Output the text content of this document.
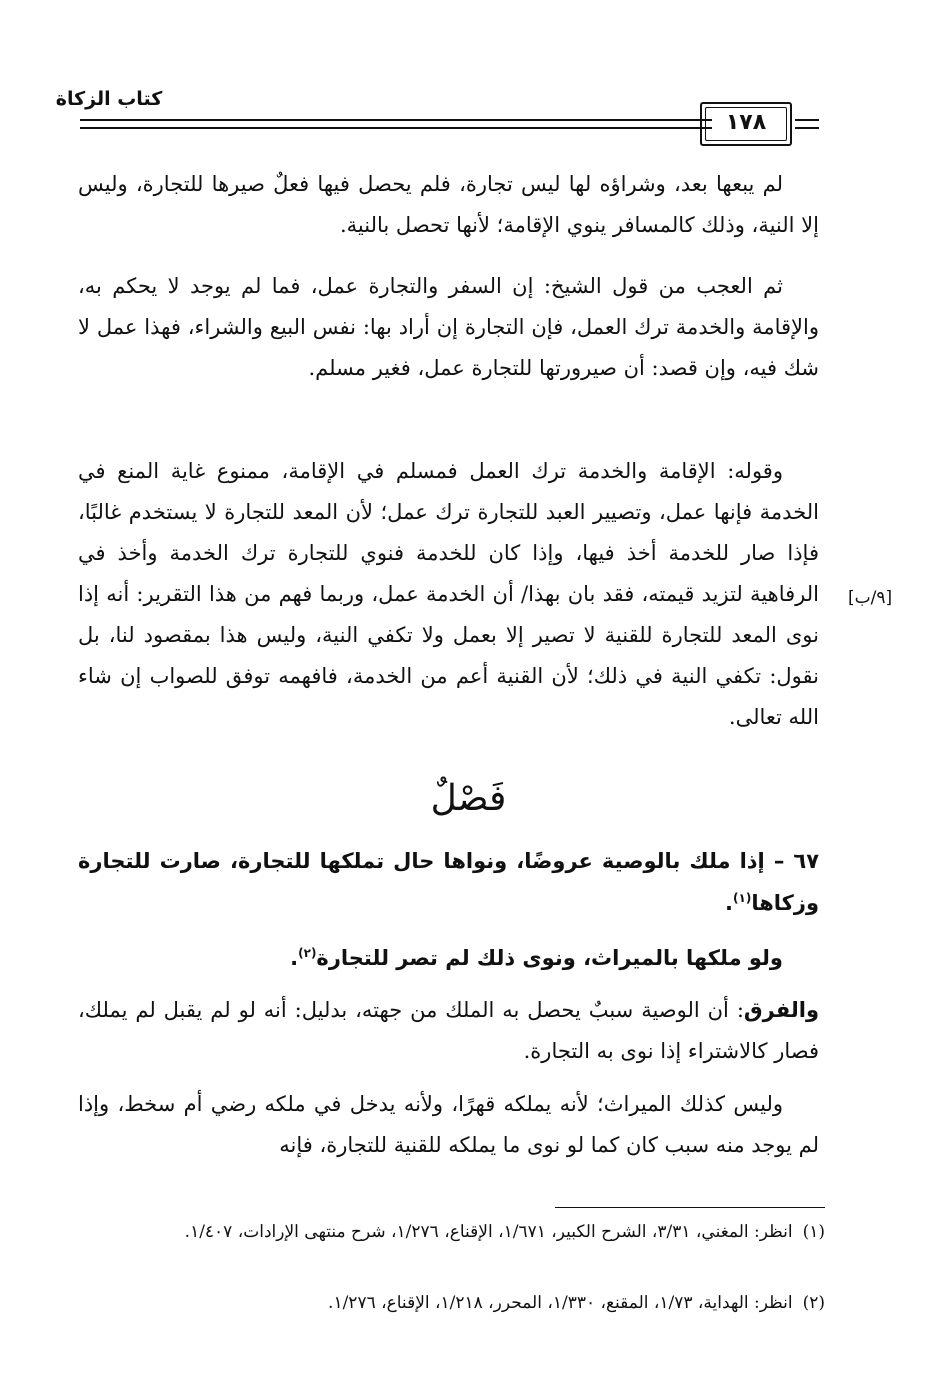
كتاب الزكاة
١٧٨

لم يبعها بعد، وشراؤه لها ليس تجارة، فلم يحصل فيها فعلٌ صيرها للتجارة، وليس إلا النية، وذلك كالمسافر ينوي الإقامة؛ لأنها تحصل بالنية.

ثم العجب من قول الشيخ: إن السفر والتجارة عمل، فما لم يوجد لا يحكم به، والإقامة والخدمة ترك العمل، فإن التجارة إن أراد بها: نفس البيع والشراء، فهذا عمل لا شك فيه، وإن قصد: أن صيرورتها للتجارة عمل، فغير مسلم.

وقوله: الإقامة والخدمة ترك العمل فمسلم في الإقامة، ممنوع غاية المنع في الخدمة فإنها عمل، وتصيير العبد للتجارة ترك عمل؛ لأن المعد للتجارة لا يستخدم غالبًا، فإذا صار للخدمة أخذ فيها، وإذا كان للخدمة فنوي للتجارة ترك الخدمة وأخذ في الرفاهية لتزيد قيمته، فقد بان بهذا/ أن الخدمة عمل، وربما فهم من هذا التقرير: أنه إذا نوى المعد للتجارة للقنية لا تصير إلا بعمل ولا تكفي النية، وليس هذا بمقصود لنا، بل نقول: تكفي النية في ذلك؛ لأن القنية أعم من الخدمة، فافهمه توفق للصواب إن شاء الله تعالى.

[٩/ب]
فَصْلٌ

٦٧ – إذا ملك بالوصية عروضًا، ونواها حال تملكها للتجارة، صارت للتجارة وزكاها$^{(١)}$.

ولو ملكها بالميراث، ونوى ذلك لم تصر للتجارة$^{(٢)}$.

والفرق: أن الوصية سببٌ يحصل به الملك من جهته، بدليل: أنه لو لم يقبل لم يملك، فصار كالاشتراء إذا نوى به التجارة.

وليس كذلك الميراث؛ لأنه يملكه قهرًا، ولأنه يدخل في ملكه رضي أم سخط، وإذا لم يوجد منه سبب كان كما لو نوى ما يملكه للقنية للتجارة، فإنه

(١)انظر: المغني، ٣/٣١، الشرح الكبير، ١/٦٧١، الإقناع، ١/٢٧٦، شرح منتهى الإرادات، ١/٤٠٧.
(٢)انظر: الهداية، ١/٧٣، المقنع، ١/٣٣٠، المحرر، ١/٢١٨، الإقناع، ١/٢٧٦.
